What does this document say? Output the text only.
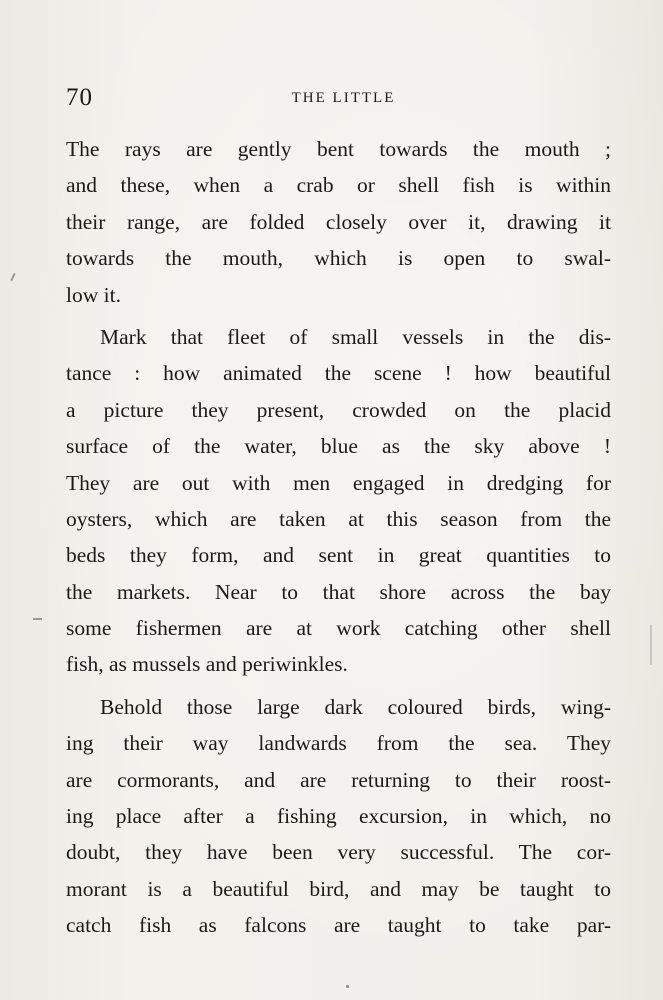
70	THE LITTLE
The rays are gently bent towards the mouth ;
and these, when a crab or shell fish is within
their range, are folded closely over it, drawing it
towards the mouth, which is open to swal-
low it.
Mark that fleet of small vessels in the dis-
tance : how animated the scene ! how beautiful
a picture they present, crowded on the placid
surface of the water, blue as the sky above !
They are out with men engaged in dredging for
oysters, which are taken at this season from the
beds they form, and sent in great quantities to
the markets. Near to that shore across the bay
some fishermen are at work catching other shell
fish, as mussels and periwinkles.
Behold those large dark coloured birds, wing-
ing their way landwards from the sea. They
are cormorants, and are returning to their roost-
ing place after a fishing excursion, in which, no
doubt, they have been very successful. The cor-
morant is a beautiful bird, and may be taught to
catch fish as falcons are taught to take par-
